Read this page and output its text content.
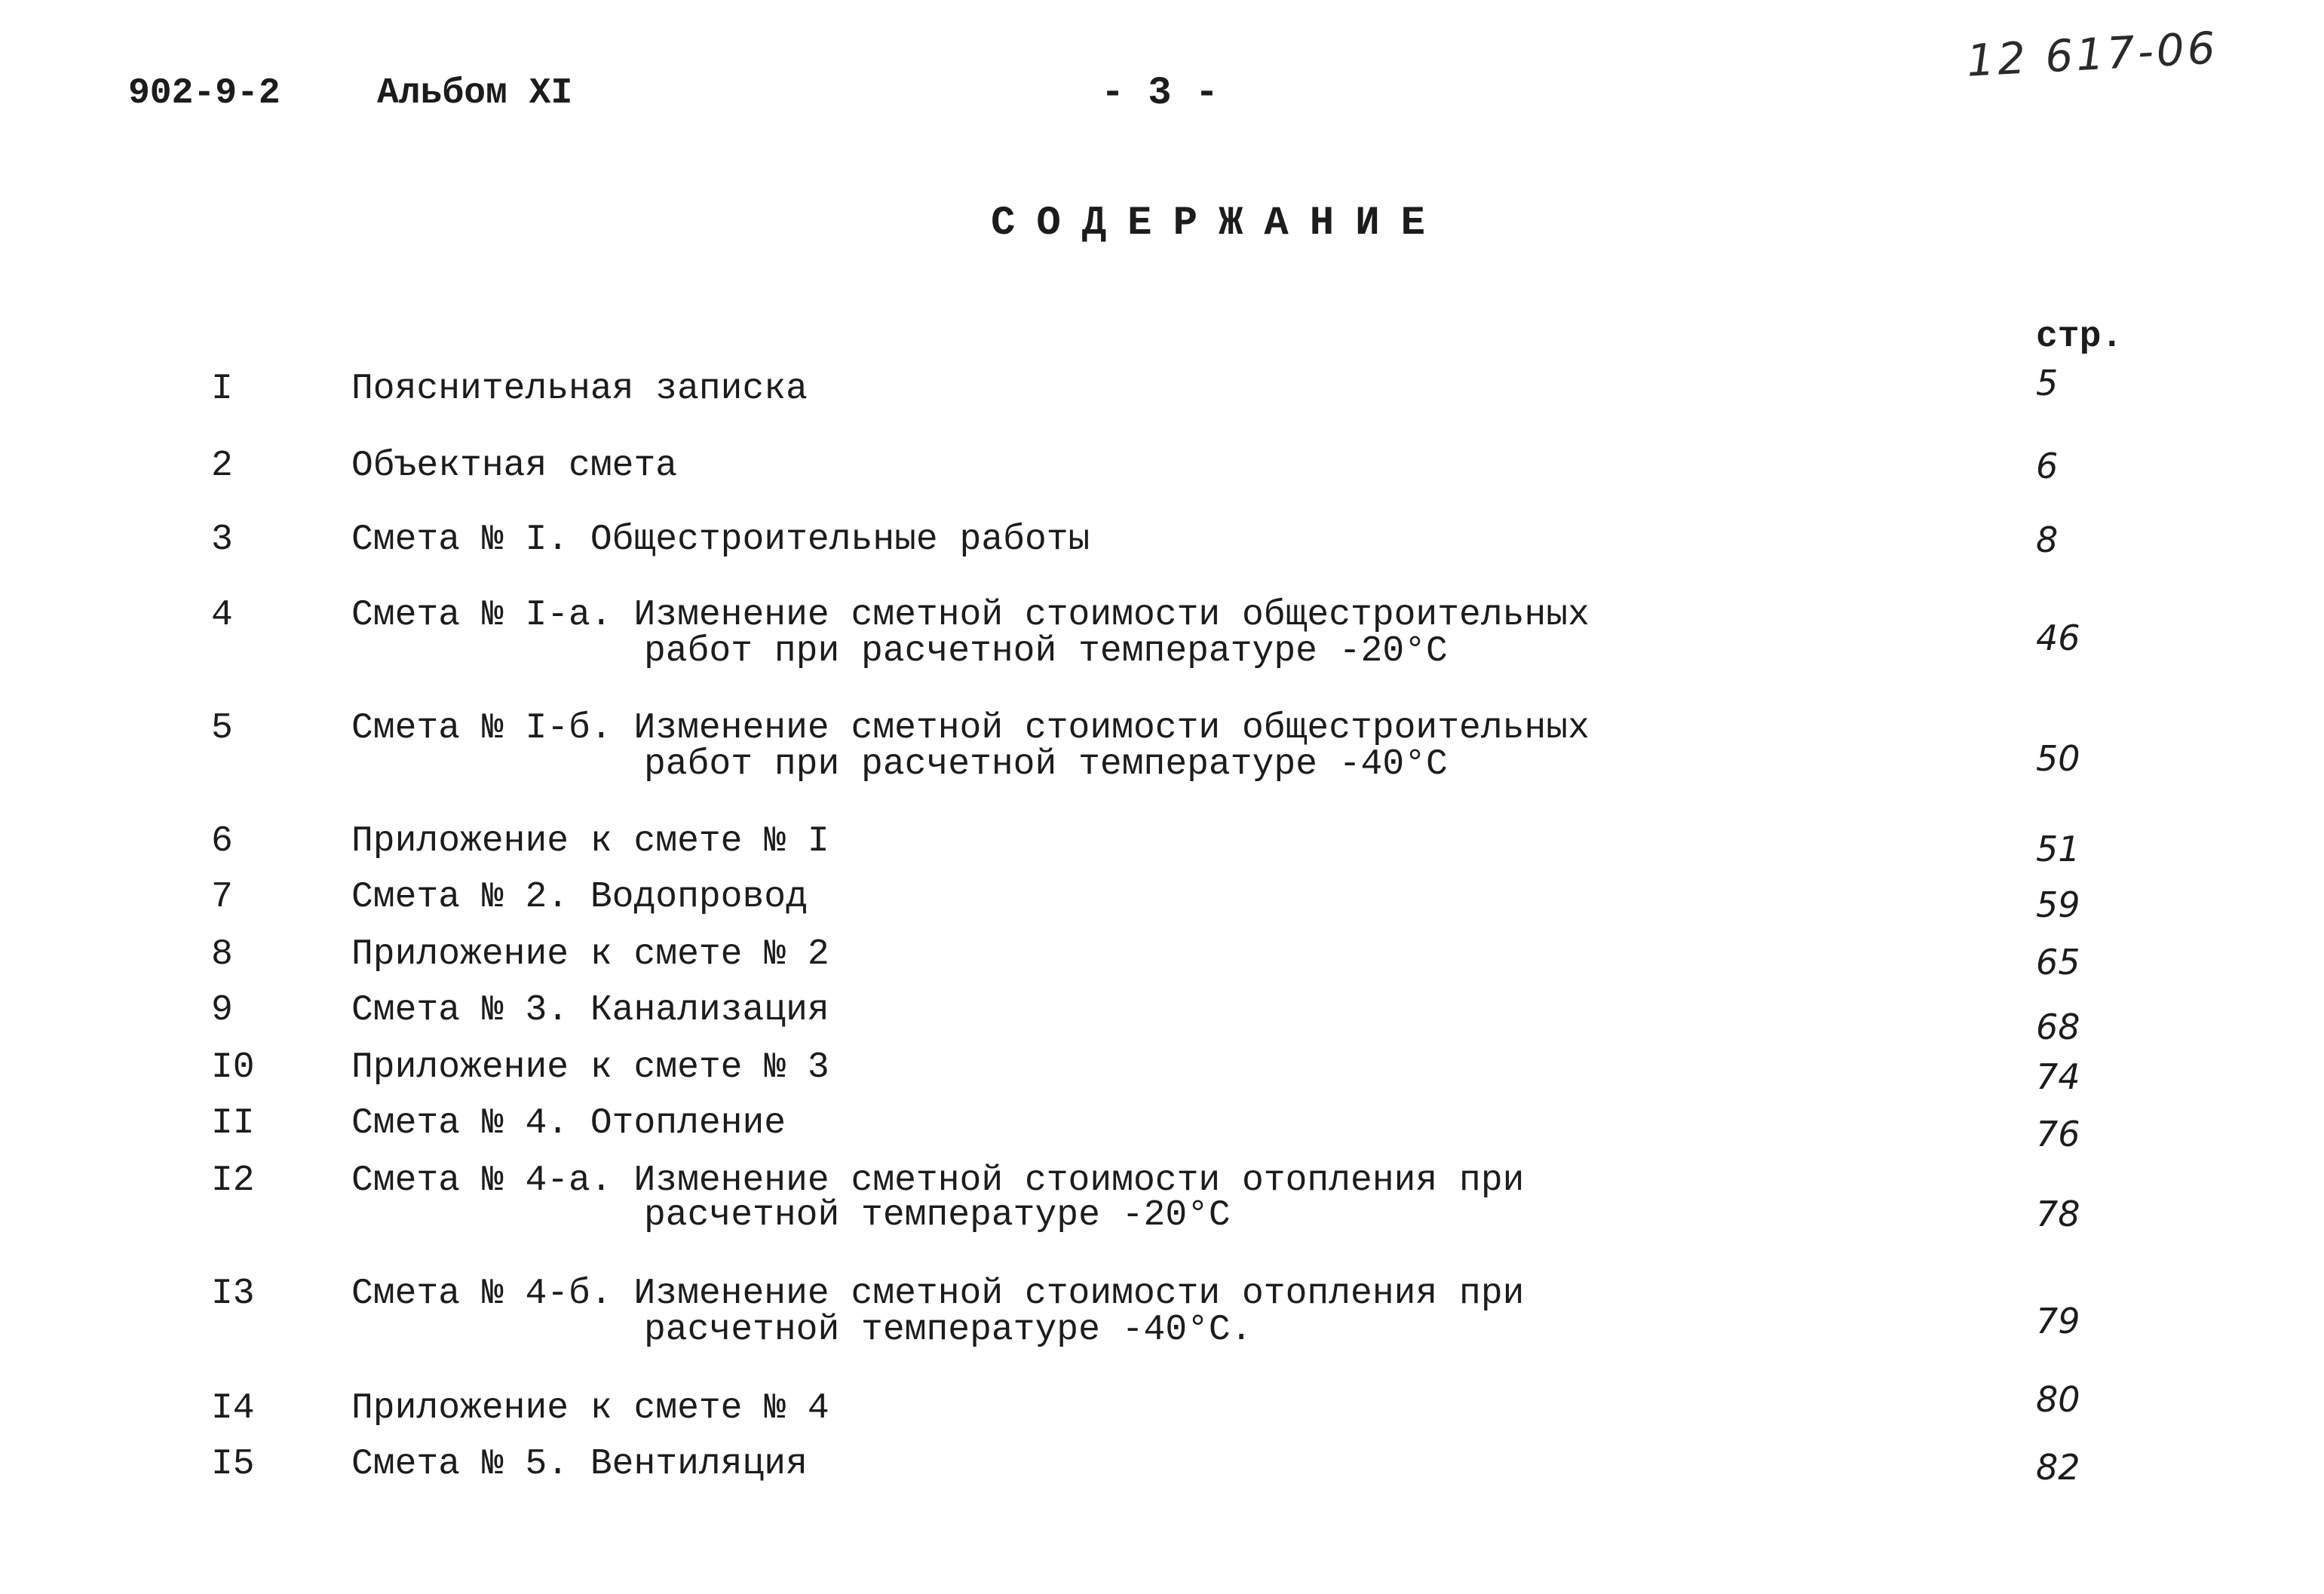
902-9-2	Альбом XI	- 3 -
12 617-06
СОДЕРЖАНИЕ
стр.
I	Пояснительная записка	5
2	Объектная смета	6
3	Смета № I. Общестроительные работы	8
4	Смета № I-а. Изменение сметной стоимости общестроительных
работ при расчетной температуре -20°С	46
5	Смета № I-б. Изменение сметной стоимости общестроительных
работ при расчетной температуре -40°С	50
6	Приложение к смете № I	51
7	Смета № 2. Водопровод	59
8	Приложение к смете № 2	65
9	Смета № 3. Канализация	68
I0	Приложение к смете № 3	74
II	Смета № 4. Отопление	76
I2	Смета № 4-а. Изменение сметной стоимости отопления при
расчетной температуре -20°С	78
I3	Смета № 4-б. Изменение сметной стоимости отопления при
расчетной температуре -40°С.	79
I4	Приложение к смете № 4	80
I5	Смета № 5. Вентиляция	82
